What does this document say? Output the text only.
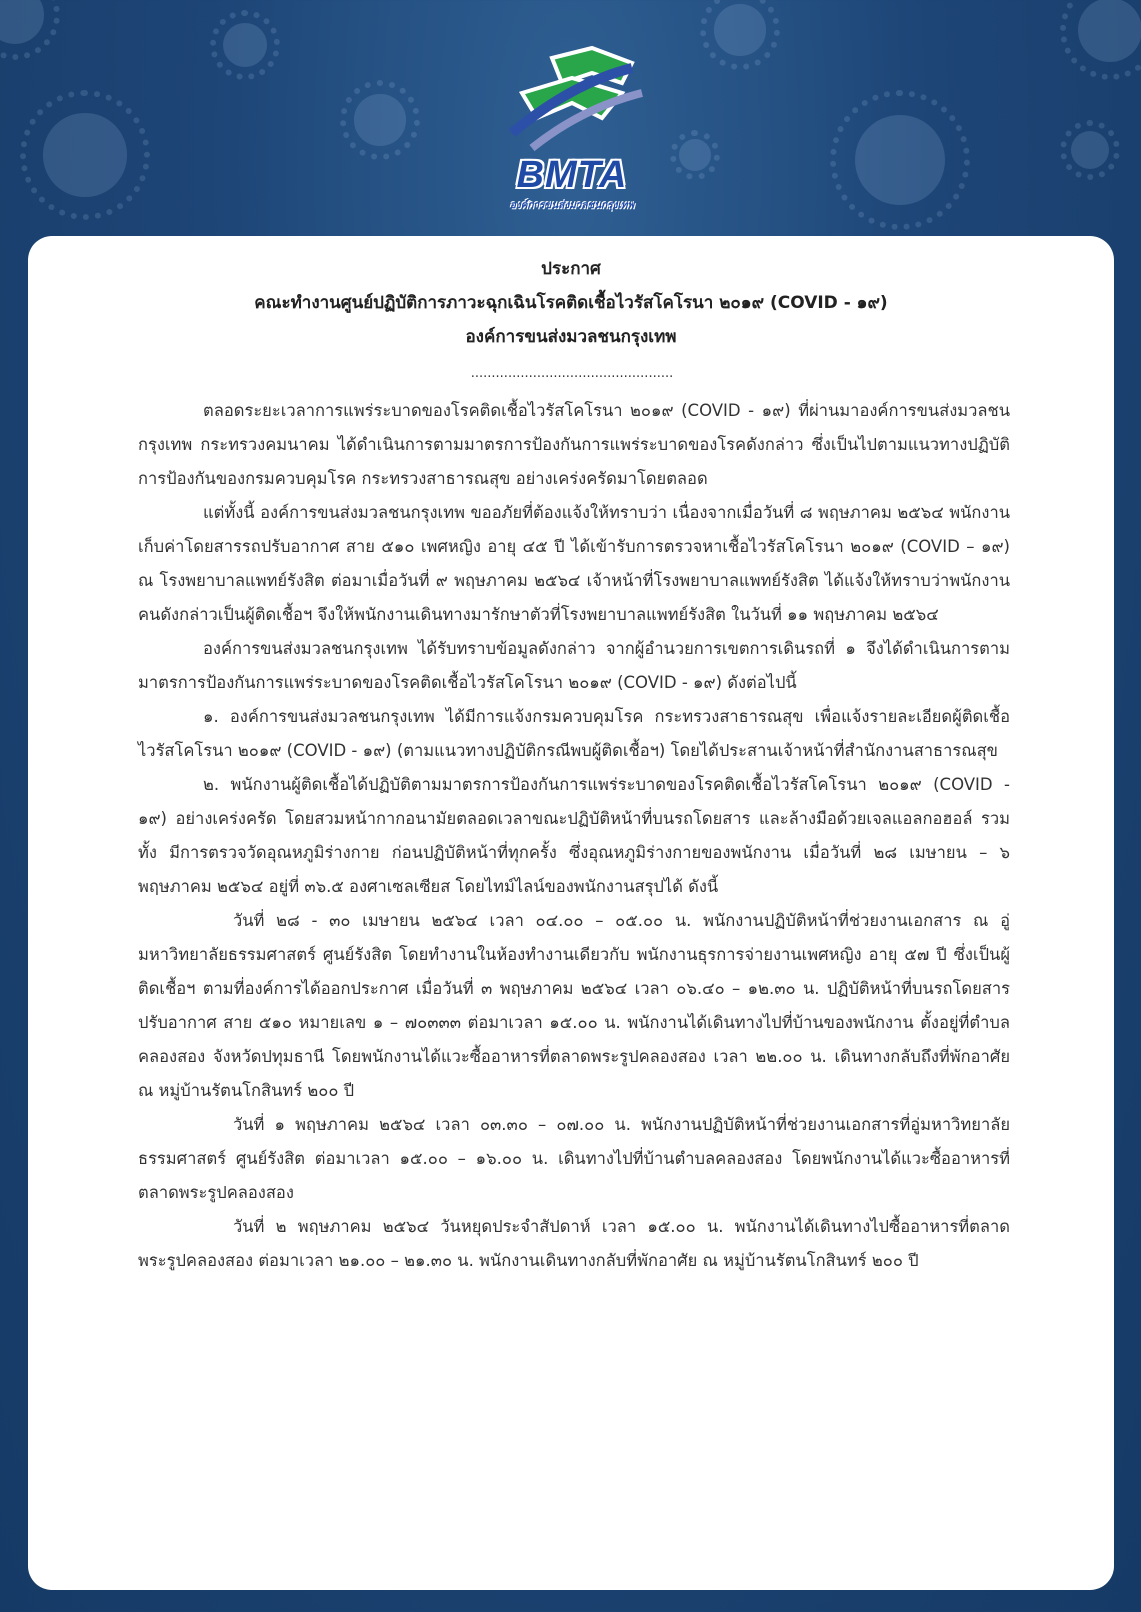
BMTA
องค์การขนส่งมวลชนกรุงเทพ
ประกาศ
คณะทำงานศูนย์ปฏิบัติการภาวะฉุกเฉินโรคติดเชื้อไวรัสโคโรนา ๒๐๑๙ (COVID - ๑๙)
องค์การขนส่งมวลชนกรุงเทพ
.................................................

ตลอดระยะเวลาการแพร่ระบาดของโรคติดเชื้อไวรัสโคโรนา ๒๐๑๙ (COVID - ๑๙) ที่ผ่านมาองค์การขนส่งมวลชนกรุงเทพ กระทรวงคมนาคม ได้ดำเนินการตามมาตรการป้องกันการแพร่ระบาดของโรคดังกล่าว ซึ่งเป็นไปตามแนวทางปฏิบัติการป้องกันของกรมควบคุมโรค กระทรวงสาธารณสุข อย่างเคร่งครัดมาโดยตลอด

แต่ทั้งนี้ องค์การขนส่งมวลชนกรุงเทพ ขออภัยที่ต้องแจ้งให้ทราบว่า เนื่องจากเมื่อวันที่ ๘ พฤษภาคม ๒๕๖๔ พนักงานเก็บค่าโดยสารรถปรับอากาศ สาย ๕๑๐ เพศหญิง อายุ ๔๕ ปี ได้เข้ารับการตรวจหาเชื้อไวรัสโคโรนา ๒๐๑๙ (COVID – ๑๙) ณ โรงพยาบาลแพทย์รังสิต ต่อมาเมื่อวันที่ ๙ พฤษภาคม ๒๕๖๔ เจ้าหน้าที่โรงพยาบาลแพทย์รังสิต ได้แจ้งให้ทราบว่าพนักงานคนดังกล่าวเป็นผู้ติดเชื้อฯ จึงให้พนักงานเดินทางมารักษาตัวที่โรงพยาบาลแพทย์รังสิต ในวันที่ ๑๑ พฤษภาคม ๒๕๖๔

องค์การขนส่งมวลชนกรุงเทพ ได้รับทราบข้อมูลดังกล่าว จากผู้อำนวยการเขตการเดินรถที่ ๑ จึงได้ดำเนินการตามมาตรการป้องกันการแพร่ระบาดของโรคติดเชื้อไวรัสโคโรนา ๒๐๑๙ (COVID - ๑๙) ดังต่อไปนี้

๑. องค์การขนส่งมวลชนกรุงเทพ ได้มีการแจ้งกรมควบคุมโรค กระทรวงสาธารณสุข เพื่อแจ้งรายละเอียดผู้ติดเชื้อไวรัสโคโรนา ๒๐๑๙ (COVID - ๑๙) (ตามแนวทางปฏิบัติกรณีพบผู้ติดเชื้อฯ) โดยได้ประสานเจ้าหน้าที่สำนักงานสาธารณสุข

๒. พนักงานผู้ติดเชื้อได้ปฏิบัติตามมาตรการป้องกันการแพร่ระบาดของโรคติดเชื้อไวรัสโคโรนา ๒๐๑๙ (COVID - ๑๙) อย่างเคร่งครัด โดยสวมหน้ากากอนามัยตลอดเวลาขณะปฏิบัติหน้าที่บนรถโดยสาร และล้างมือด้วยเจลแอลกอฮอล์ รวมทั้ง มีการตรวจวัดอุณหภูมิร่างกาย ก่อนปฏิบัติหน้าที่ทุกครั้ง ซึ่งอุณหภูมิร่างกายของพนักงาน เมื่อวันที่ ๒๘ เมษายน – ๖ พฤษภาคม ๒๕๖๔ อยู่ที่ ๓๖.๕ องศาเซลเซียส โดยไทม์ไลน์ของพนักงานสรุปได้ ดังนี้

วันที่ ๒๘ - ๓๐ เมษายน ๒๕๖๔ เวลา ๐๔.๐๐ – ๐๕.๐๐ น. พนักงานปฏิบัติหน้าที่ช่วยงานเอกสาร ณ อู่มหาวิทยาลัยธรรมศาสตร์ ศูนย์รังสิต โดยทำงานในห้องทำงานเดียวกับ พนักงานธุรการจ่ายงานเพศหญิง อายุ ๕๗ ปี ซึ่งเป็นผู้ติดเชื้อฯ ตามที่องค์การได้ออกประกาศ เมื่อวันที่ ๓ พฤษภาคม ๒๕๖๔ เวลา ๐๖.๔๐ – ๑๒.๓๐ น. ปฏิบัติหน้าที่บนรถโดยสารปรับอากาศ สาย ๕๑๐ หมายเลข ๑ – ๗๐๓๓๓ ต่อมาเวลา ๑๕.๐๐ น. พนักงานได้เดินทางไปที่บ้านของพนักงาน ตั้งอยู่ที่ตำบลคลองสอง จังหวัดปทุมธานี โดยพนักงานได้แวะซื้ออาหารที่ตลาดพระรูปคลองสอง เวลา ๒๒.๐๐ น. เดินทางกลับถึงที่พักอาศัย ณ หมู่บ้านรัตนโกสินทร์ ๒๐๐ ปี

วันที่ ๑ พฤษภาคม ๒๕๖๔ เวลา ๐๓.๓๐ – ๐๗.๐๐ น. พนักงานปฏิบัติหน้าที่ช่วยงานเอกสารที่อู่มหาวิทยาลัยธรรมศาสตร์ ศูนย์รังสิต ต่อมาเวลา ๑๕.๐๐ – ๑๖.๐๐ น. เดินทางไปที่บ้านตำบลคลองสอง โดยพนักงานได้แวะซื้ออาหารที่ตลาดพระรูปคลองสอง

วันที่ ๒ พฤษภาคม ๒๕๖๔ วันหยุดประจำสัปดาห์ เวลา ๑๕.๐๐ น. พนักงานได้เดินทางไปซื้ออาหารที่ตลาดพระรูปคลองสอง ต่อมาเวลา ๒๑.๐๐ – ๒๑.๓๐ น. พนักงานเดินทางกลับที่พักอาศัย ณ หมู่บ้านรัตนโกสินทร์ ๒๐๐ ปี
